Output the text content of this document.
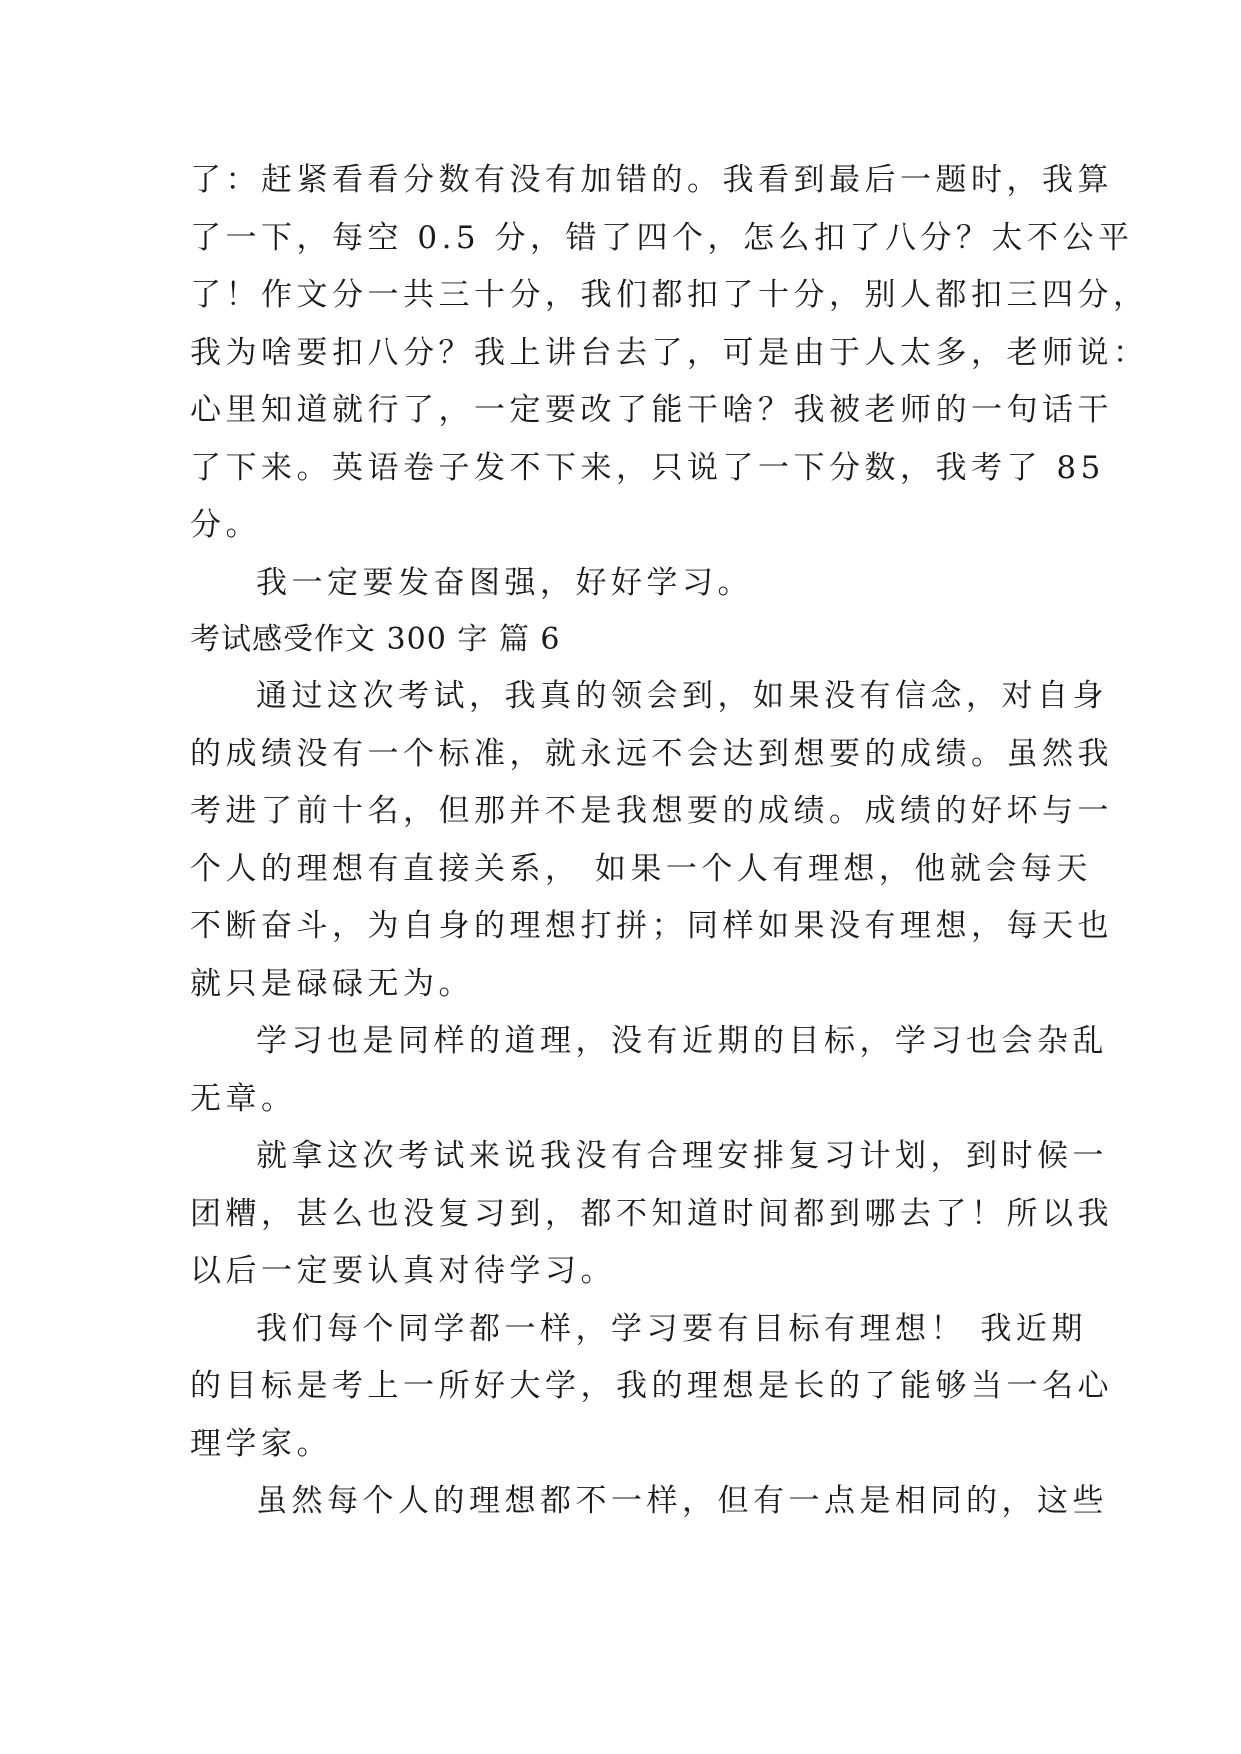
了：赶紧看看分数有没有加错的。我看到最后一题时，我算
了一下，每空 0.5 分，错了四个，怎么扣了八分？太不公平
了！作文分一共三十分，我们都扣了十分，别人都扣三四分，
我为啥要扣八分？我上讲台去了，可是由于人太多，老师说：
心里知道就行了，一定要改了能干啥？我被老师的一句话干
了下来。英语卷子发不下来，只说了一下分数，我考了 85
分。
我一定要发奋图强，好好学习。
考试感受作文 300 字 篇 6
通过这次考试，我真的领会到，如果没有信念，对自身
的成绩没有一个标准，就永远不会达到想要的成绩。虽然我
考进了前十名，但那并不是我想要的成绩。成绩的好坏与一
个人的理想有直接关系， 如果一个人有理想，他就会每天
不断奋斗，为自身的理想打拼；同样如果没有理想，每天也
就只是碌碌无为。
学习也是同样的道理，没有近期的目标，学习也会杂乱
无章。
就拿这次考试来说我没有合理安排复习计划，到时候一
团糟，甚么也没复习到，都不知道时间都到哪去了！所以我
以后一定要认真对待学习。
我们每个同学都一样，学习要有目标有理想！ 我近期
的目标是考上一所好大学，我的理想是长的了能够当一名心
理学家。
虽然每个人的理想都不一样，但有一点是相同的，这些
